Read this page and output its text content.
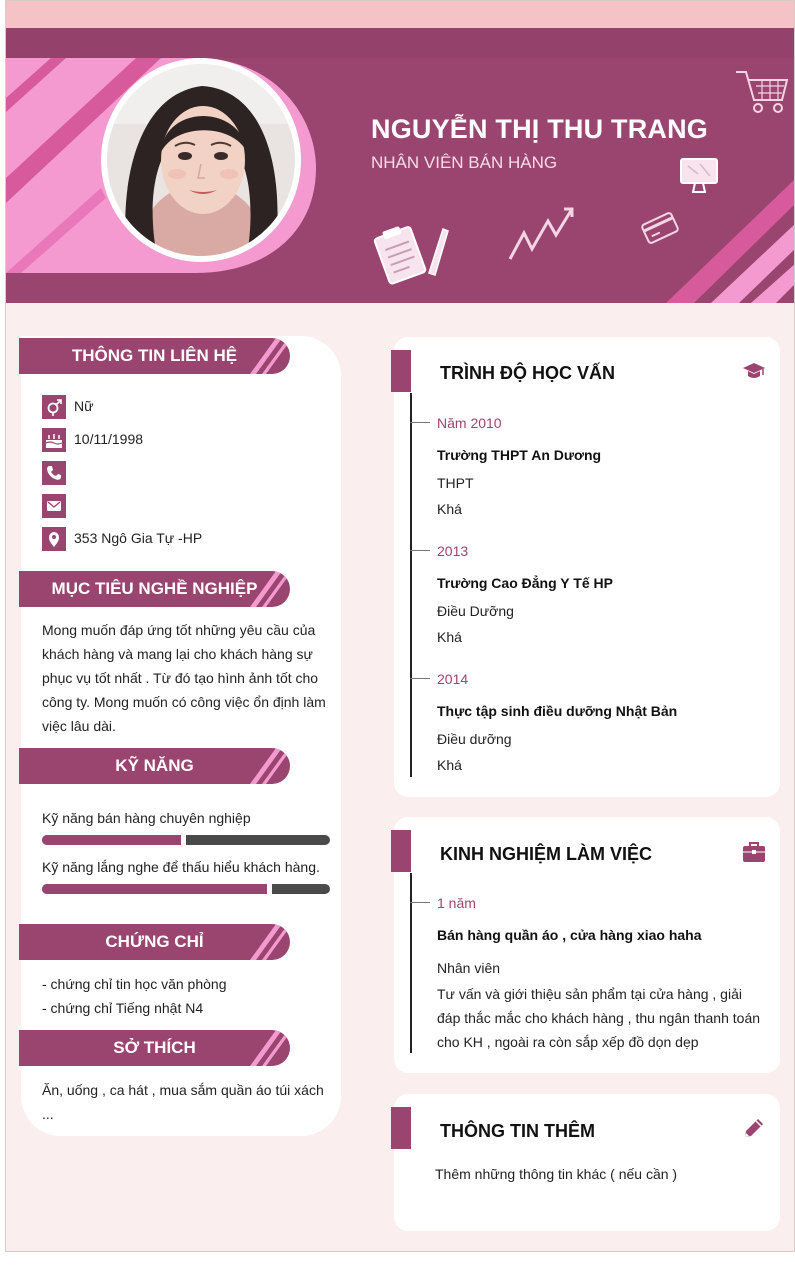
NGUYỄN THỊ THU TRANG
NHÂN VIÊN BÁN HÀNG
THÔNG TIN LIÊN HỆ
Nữ
10/11/1998
353 Ngô Gia Tự -HP
MỤC TIÊU NGHỀ NGHIỆP
Mong muốn đáp ứng tốt những yêu cầu của khách hàng và mang lại cho khách hàng sự phục vụ tốt nhất . Từ đó tạo hình ảnh tốt cho công ty. Mong muốn có công việc ổn định làm việc lâu dài.
KỸ NĂNG
Kỹ năng bán hàng chuyên nghiệp
Kỹ năng lắng nghe để thấu hiểu khách hàng.
CHỨNG CHỈ
- chứng chỉ tin học văn phòng
- chứng chỉ Tiếng nhật N4
SỞ THÍCH
Ăn, uống , ca hát , mua sắm quần áo túi xách ...
TRÌNH ĐỘ HỌC VẤN
Năm 2010
Trường THPT An Dương
THPT
Khá
2013
Trường Cao Đẳng Y Tế HP
Điều Dưỡng
Khá
2014
Thực tập sinh điều dưỡng Nhật Bản
Điều dưỡng
Khá
KINH NGHIỆM LÀM VIỆC
1 năm
Bán hàng quần áo , cửa hàng xiao haha
Nhân viên
Tư vấn và giới thiệu sản phẩm tại cửa hàng , giải đáp thắc mắc cho khách hàng , thu ngân thanh toán cho KH , ngoài ra còn sắp xếp đồ dọn dẹp
THÔNG TIN THÊM
Thêm những thông tin khác ( nếu cần )
